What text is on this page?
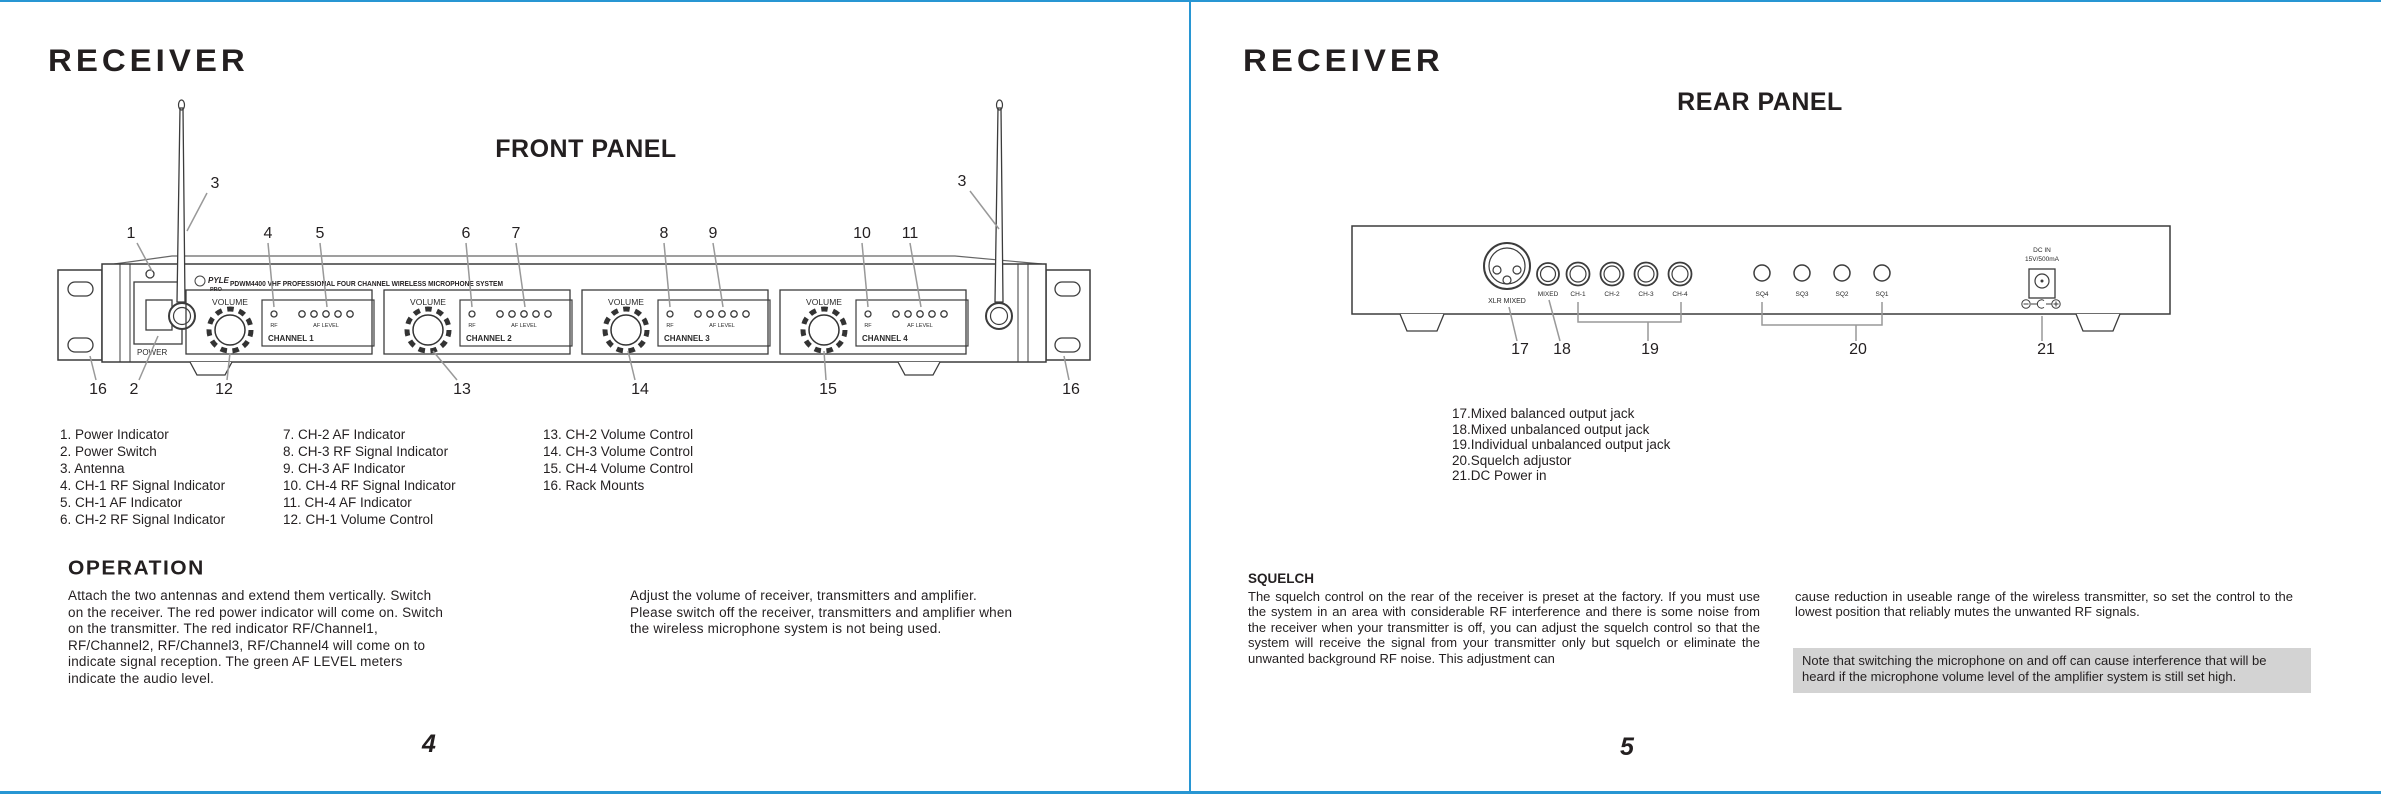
RECEIVER
FRONT PANEL
POWER
PYLE
PRO
PDWM4400 VHF PROFESSIONAL FOUR CHANNEL WIRELESS MICROPHONE SYSTEM
VOLUME
RF	AF LEVEL
CHANNEL 1
VOLUME
RF	AF LEVEL
CHANNEL 2
VOLUME
RF	AF LEVEL
CHANNEL 3
VOLUME
RF	AF LEVEL
CHANNEL 4
1
3
4	5	6	7	8	9	10 11
3
16 2	12	13	14	15	16
1. Power Indicator
2. Power Switch
3. Antenna
4. CH-1 RF Signal Indicator
5. CH-1 AF Indicator
6. CH-2 RF Signal Indicator
7. CH-2 AF Indicator
8. CH-3 RF Signal Indicator
9. CH-3 AF Indicator
10. CH-4 RF Signal Indicator
11. CH-4 AF Indicator
12. CH-1 Volume Control
13. CH-2 Volume Control
14. CH-3 Volume Control
15. CH-4 Volume Control
16. Rack Mounts
OPERATION

Attach the two antennas and extend them vertically. Switch on the receiver. The red power indicator will come on. Switch on the transmitter. The red indicator RF/Channel1, RF/Channel2, RF/Channel3, RF/Channel4 will come on to indicate signal reception. The green AF LEVEL meters indicate the audio level.

Adjust the volume of receiver, transmitters and amplifier. Please switch off the receiver, transmitters and amplifier when the wireless microphone system is not being used.

4
RECEIVER
REAR PANEL
XLR MIXED
MIXED CH-1	CH-2	CH-3	CH-4	SQ4	SQ3	SQ2	SQ1
DC IN
15V/500mA
17 18	19	20	21
17.Mixed balanced output jack
18.Mixed unbalanced output jack
19.Individual unbalanced output jack
20.Squelch adjustor
21.DC Power in
SQUELCH

The squelch control on the rear of the receiver is preset at the factory. If you must use the system in an area with considerable RF interference and there is some noise from the receiver when your transmitter is off, you can adjust the squelch control so that the system will receive the signal from your transmitter only but squelch or eliminate the unwanted background RF noise. This adjustment can

cause reduction in useable range of the wireless transmitter, so set the control to the lowest position that reliably mutes the unwanted RF signals.

Note that switching the microphone on and off can cause interference that will be heard if the microphone volume level of the amplifier system is still set high.
5
